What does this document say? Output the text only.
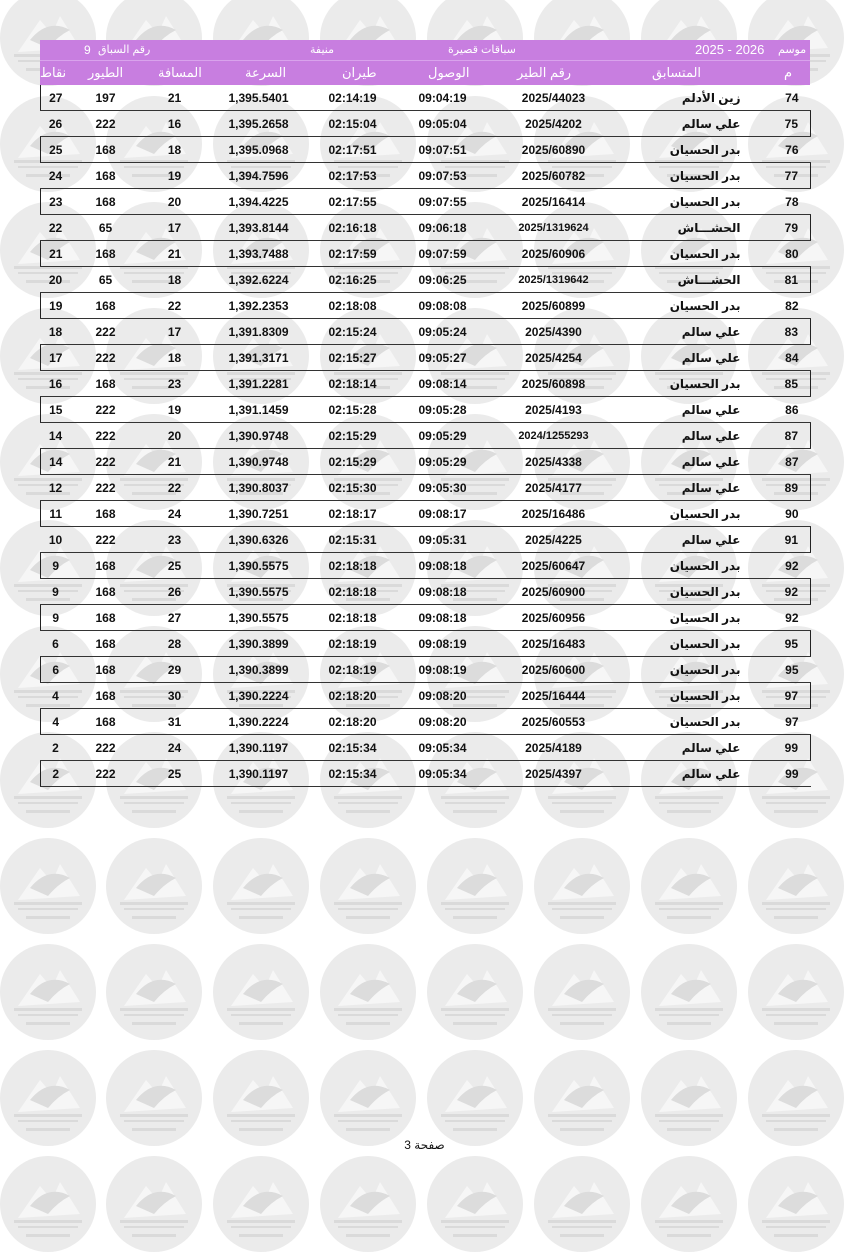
رقم السباق
9	منيفة	سباقات قصيرة	2025 - 2026 موسم
نقاط الطيور	المسافة	السرعة	طيران	الوصول	رقم الطير	المتسابق	م
27	197	21	1,395.5401	02:14:19	09:04:19	2025/44023	زين الأدلم	74
26	222	16	1,395.2658	02:15:04	09:05:04	2025/4202	علي سالم	75
25	168	18	1,395.0968	02:17:51	09:07:51	2025/60890	بدر الحسيان	76
24	168	19	1,394.7596	02:17:53	09:07:53	2025/60782	بدر الحسيان	77
23	168	20	1,394.4225	02:17:55	09:07:55	2025/16414	بدر الحسيان	78
22	65	17	1,393.8144	02:16:18	09:06:18	2025/1319624	الحشـــاش	79
21	168	21	1,393.7488	02:17:59	09:07:59	2025/60906	بدر الحسيان	80
20	65	18	1,392.6224	02:16:25	09:06:25	2025/1319642	الحشـــاش	81
19	168	22	1,392.2353	02:18:08	09:08:08	2025/60899	بدر الحسيان	82
18	222	17	1,391.8309	02:15:24	09:05:24	2025/4390	علي سالم	83
17	222	18	1,391.3171	02:15:27	09:05:27	2025/4254	علي سالم	84
16	168	23	1,391.2281	02:18:14	09:08:14	2025/60898	بدر الحسيان	85
15	222	19	1,391.1459	02:15:28	09:05:28	2025/4193	علي سالم	86
14	222	20	1,390.9748	02:15:29	09:05:29	2024/1255293	علي سالم	87
14	222	21	1,390.9748	02:15:29	09:05:29	2025/4338	علي سالم	87
12	222	22	1,390.8037	02:15:30	09:05:30	2025/4177	علي سالم	89
11	168	24	1,390.7251	02:18:17	09:08:17	2025/16486	بدر الحسيان	90
10	222	23	1,390.6326	02:15:31	09:05:31	2025/4225	علي سالم	91
9	168	25	1,390.5575	02:18:18	09:08:18	2025/60647	بدر الحسيان	92
9	168	26	1,390.5575	02:18:18	09:08:18	2025/60900	بدر الحسيان	92
9	168	27	1,390.5575	02:18:18	09:08:18	2025/60956	بدر الحسيان	92
6	168	28	1,390.3899	02:18:19	09:08:19	2025/16483	بدر الحسيان	95
6	168	29	1,390.3899	02:18:19	09:08:19	2025/60600	بدر الحسيان	95
4	168	30	1,390.2224	02:18:20	09:08:20	2025/16444	بدر الحسيان	97
4	168	31	1,390.2224	02:18:20	09:08:20	2025/60553	بدر الحسيان	97
2	222	24	1,390.1197	02:15:34	09:05:34	2025/4189	علي سالم	99
2	222	25	1,390.1197	02:15:34	09:05:34	2025/4397	علي سالم	99
صفحة 3
